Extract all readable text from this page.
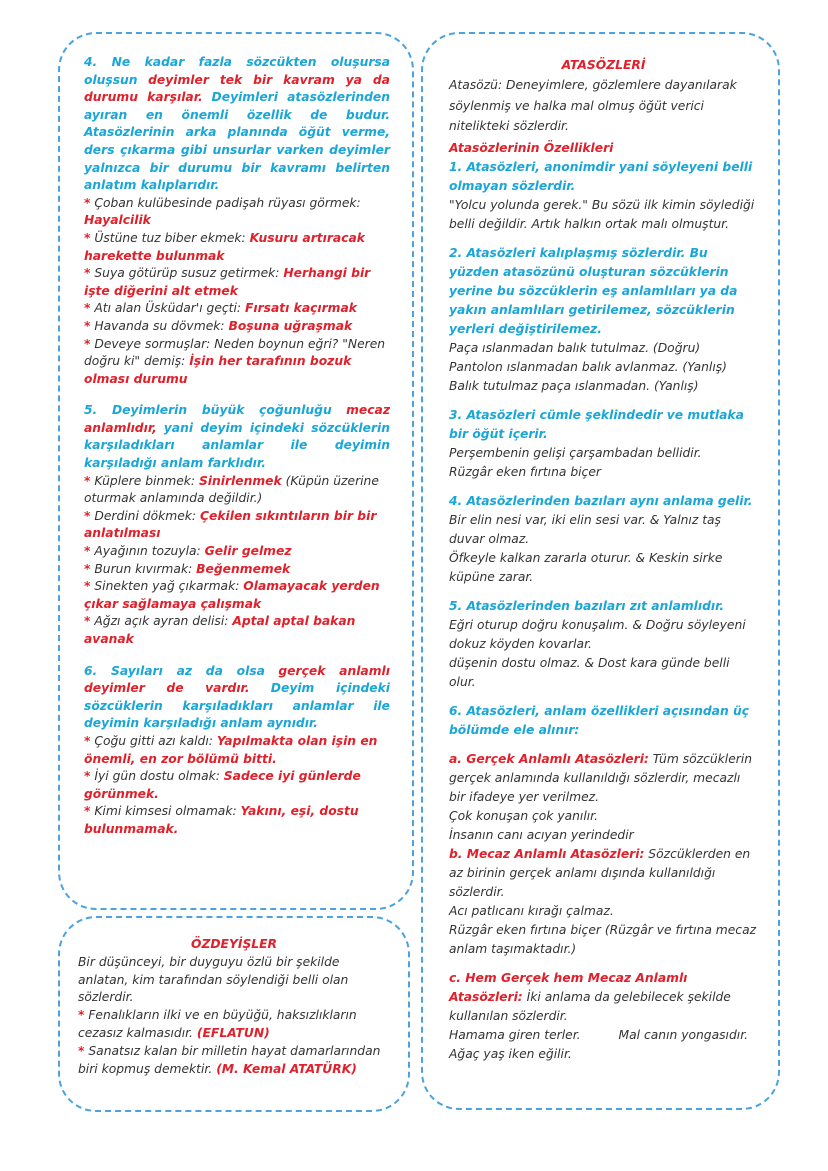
4. Ne kadar fazla sözcükten oluşursa oluşsun deyimler tek bir kavram ya da durumu karşılar. Deyimleri atasözlerinden ayıran en önemli özellik de budur. Atasözlerinin arka planında öğüt verme, ders çıkarma gibi unsurlar varken deyimler yalnızca bir durumu bir kavramı belirten anlatım kalıplarıdır.

* Çoban kulübesinde padişah rüyası görmek: Hayalcilik

* Üstüne tuz biber ekmek: Kusuru artıracak harekette bulunmak

* Suya götürüp susuz getirmek: Herhangi bir işte diğerini alt etmek

* Atı alan Üsküdar'ı geçti: Fırsatı kaçırmak

* Havanda su dövmek: Boşuna uğraşmak

* Deveye sormuşlar: Neden boynun eğri? "Neren doğru ki" demiş: İşin her tarafının bozuk olması durumu

5. Deyimlerin büyük çoğunluğu mecaz anlamlıdır, yani deyim içindeki sözcüklerin karşıladıkları anlamlar ile deyimin karşıladığı anlam farklıdır.

* Küplere binmek: Sinirlenmek (Küpün üzerine oturmak anlamında değildir.)

* Derdini dökmek: Çekilen sıkıntıların bir bir anlatılması

* Ayağının tozuyla: Gelir gelmez

* Burun kıvırmak: Beğenmemek

* Sinekten yağ çıkarmak: Olamayacak yerden çıkar sağlamaya çalışmak

* Ağzı açık ayran delisi: Aptal aptal bakan avanak

6. Sayıları az da olsa gerçek anlamlı deyimler de vardır. Deyim içindeki sözcüklerin karşıladıkları anlamlar ile deyimin karşıladığı anlam aynıdır.

* Çoğu gitti azı kaldı: Yapılmakta olan işin en önemli, en zor bölümü bitti.

* İyi gün dostu olmak: Sadece iyi günlerde görünmek.

* Kimi kimsesi olmamak: Yakını, eşi, dostu bulunmamak.

ÖZDEYİŞLER

Bir düşünceyi, bir duyguyu özlü bir şekilde anlatan, kim tarafından söylendiği belli olan sözlerdir.

* Fenalıkların ilki ve en büyüğü, haksızlıkların cezasız kalmasıdır. (EFLATUN)

* Sanatsız kalan bir milletin hayat damarlarından biri kopmuş demektir. (M. Kemal ATATÜRK)

ATASÖZLERİ

Atasözü: Deneyimlere, gözlemlere dayanılarak söylenmiş ve halka mal olmuş öğüt verici nitelikteki sözlerdir.

Atasözlerinin Özellikleri

1. Atasözleri, anonimdir yani söyleyeni belli olmayan sözlerdir.

"Yolcu yolunda gerek." Bu sözü ilk kimin söylediği belli değildir. Artık halkın ortak malı olmuştur.

2. Atasözleri kalıplaşmış sözlerdir. Bu yüzden atasözünü oluşturan sözcüklerin yerine bu sözcüklerin eş anlamlıları ya da yakın anlamlıları getirilemez, sözcüklerin yerleri değiştirilemez.

Paça ıslanmadan balık tutulmaz. (Doğru)

Pantolon ıslanmadan balık avlanmaz. (Yanlış)

Balık tutulmaz paça ıslanmadan. (Yanlış)

3. Atasözleri cümle şeklindedir ve mutlaka bir öğüt içerir.

Perşembenin gelişi çarşambadan bellidir.

Rüzgâr eken fırtına biçer

4. Atasözlerinden bazıları aynı anlama gelir.

Bir elin nesi var, iki elin sesi var. & Yalnız taş duvar olmaz.

Öfkeyle kalkan zararla oturur. & Keskin sirke küpüne zarar.

5. Atasözlerinden bazıları zıt anlamlıdır.

Eğri oturup doğru konuşalım. & Doğru söyleyeni dokuz köyden kovarlar.

düşenin dostu olmaz. & Dost kara günde belli olur.

6. Atasözleri, anlam özellikleri açısından üç bölümde ele alınır:

a. Gerçek Anlamlı Atasözleri: Tüm sözcüklerin gerçek anlamında kullanıldığı sözlerdir, mecazlı bir ifadeye yer verilmez.

Çok konuşan çok yanılır.

İnsanın canı acıyan yerindedir

b. Mecaz Anlamlı Atasözleri: Sözcüklerden en az birinin gerçek anlamı dışında kullanıldığı sözlerdir.

Acı patlıcanı kırağı çalmaz.

Rüzgâr eken fırtına biçer (Rüzgâr ve fırtına mecaz anlam taşımaktadır.)

c. Hem Gerçek hem Mecaz Anlamlı Atasözleri: İki anlama da gelebilecek şekilde kullanılan sözlerdir.

Hamama giren terler.	Mal canın yongasıdır.

Ağaç yaş iken eğilir.
